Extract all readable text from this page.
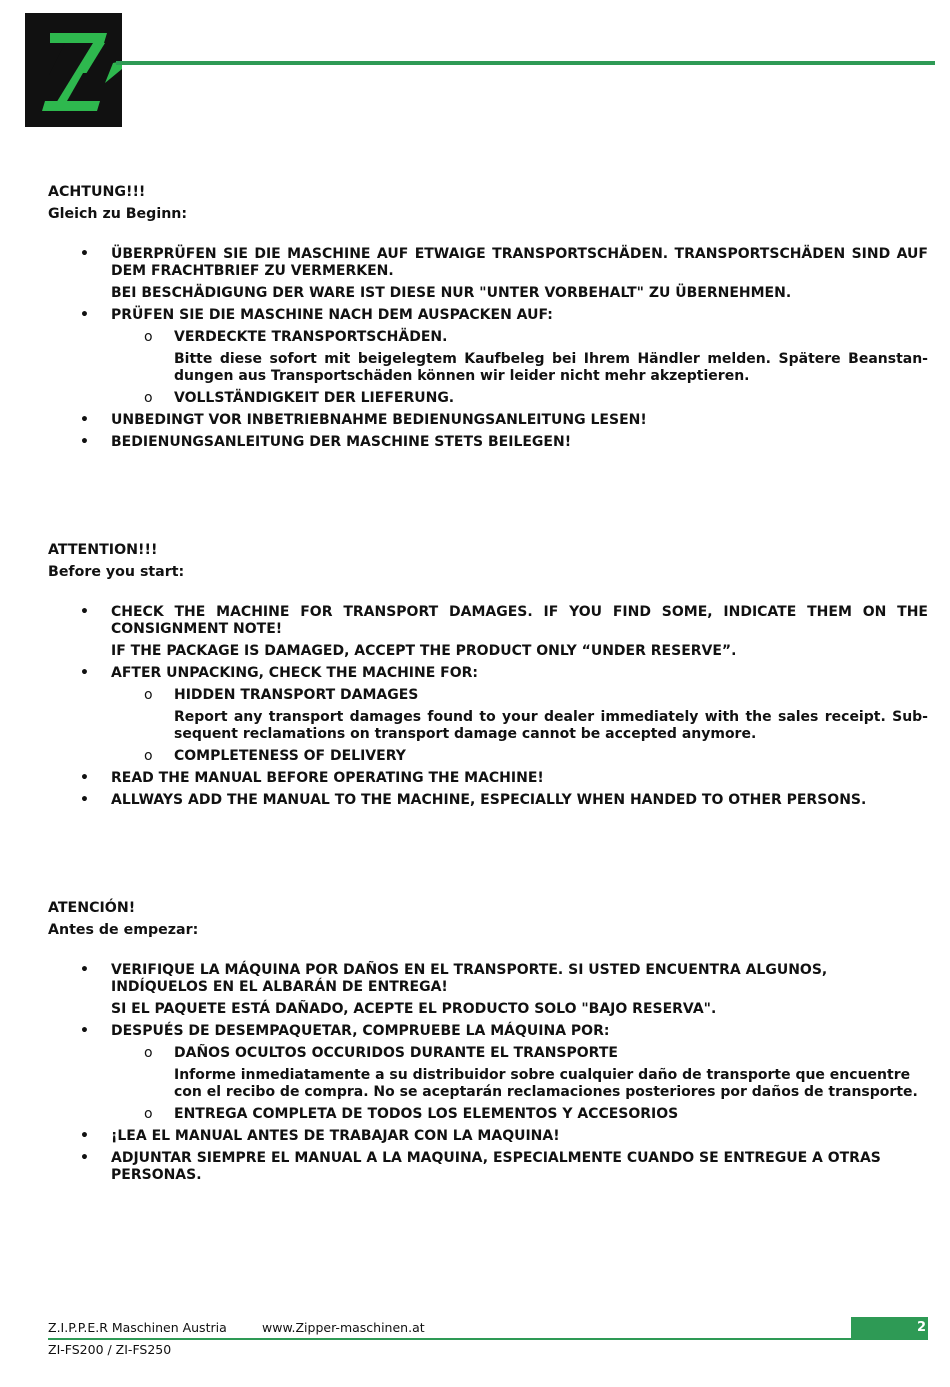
ACHTUNG!!!

Gleich zu Beginn:

• ÜBERPRÜFEN SIE DIE MASCHINE AUF ETWAIGE TRANSPORTSCHÄDEN. TRANSPORTSCHÄDEN SIND AUF DEM FRACHTBRIEF ZU VERMERKEN.
BEI BESCHÄDIGUNG DER WARE IST DIESE NUR "UNTER VORBEHALT" ZU ÜBERNEHMEN.
• PRÜFEN SIE DIE MASCHINE NACH DEM AUSPACKEN AUF:
o VERDECKTE TRANSPORTSCHÄDEN.
Bitte diese sofort mit beigelegtem Kaufbeleg bei Ihrem Händler melden. Spätere Beanstan-dungen aus Transportschäden können wir leider nicht mehr akzeptieren.
o VOLLSTÄNDIGKEIT DER LIEFERUNG.
• UNBEDINGT VOR INBETRIEBNAHME BEDIENUNGSANLEITUNG LESEN!
• BEDIENUNGSANLEITUNG DER MASCHINE STETS BEILEGEN!

ATTENTION!!!

Before you start:

• CHECK THE MACHINE FOR TRANSPORT DAMAGES. IF YOU FIND SOME, INDICATE THEM ON THE CONSIGNMENT NOTE!
IF THE PACKAGE IS DAMAGED, ACCEPT THE PRODUCT ONLY “UNDER RESERVE”.
• AFTER UNPACKING, CHECK THE MACHINE FOR:
o HIDDEN TRANSPORT DAMAGES
Report any transport damages found to your dealer immediately with the sales receipt. Sub-sequent reclamations on transport damage cannot be accepted anymore.
o COMPLETENESS OF DELIVERY
• READ THE MANUAL BEFORE OPERATING THE MACHINE!
• ALLWAYS ADD THE MANUAL TO THE MACHINE, ESPECIALLY WHEN HANDED TO OTHER PERSONS.

ATENCIÓN!

Antes de empezar:

• VERIFIQUE LA MÁQUINA POR DAÑOS EN EL TRANSPORTE. SI USTED ENCUENTRA ALGUNOS, INDÍQUELOS EN EL ALBARÁN DE ENTREGA!
SI EL PAQUETE ESTÁ DAÑADO, ACEPTE EL PRODUCTO SOLO "BAJO RESERVA".
• DESPUÉS DE DESEMPAQUETAR, COMPRUEBE LA MÁQUINA POR:
o DAÑOS OCULTOS OCCURIDOS DURANTE EL TRANSPORTE
Informe inmediatamente a su distribuidor sobre cualquier daño de transporte que encuentre con el recibo de compra. No se aceptarán reclamaciones posteriores por daños de transporte.
o ENTREGA COMPLETA DE TODOS LOS ELEMENTOS Y ACCESORIOS
• ¡LEA EL MANUAL ANTES DE TRABAJAR CON LA MAQUINA!
• ADJUNTAR SIEMPRE EL MANUAL A LA MAQUINA, ESPECIALMENTE CUANDO SE ENTREGUE A OTRAS PERSONAS.
Z.I.P.P.E.R Maschinen Austria	www.Zipper-maschinen.at	2
ZI-FS200 / ZI-FS250
